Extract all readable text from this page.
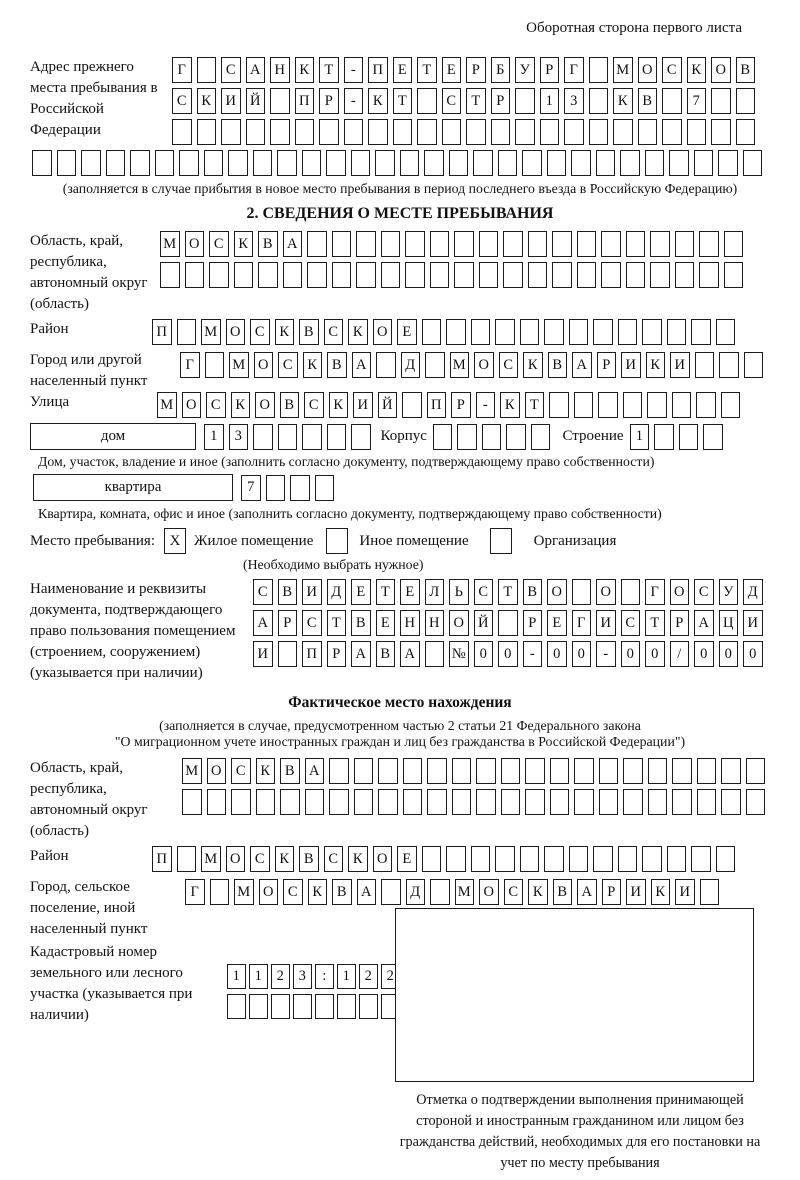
Оборотная сторона первого листа
Адрес прежнего места пребывания в Российской Федерации
Г	С А Н К	Т	-	П	Е	Т	Е	Р	Б	У	Р	Г	М О С	К О В
С	К И Й	П	Р	-	К	Т	С	Т	Р	1	3	К	В	7
(заполняется в случае прибытия в новое место пребывания в период последнего въезда в Российскую Федерацию)
2. СВЕДЕНИЯ О МЕСТЕ ПРЕБЫВАНИЯ
Область, край, республика, автономный округ (область)
М О С	К	В А
Район	П	М О С	К	В	С	К О	Е
Город или другой населенный пункт
Г	М О С	К	В А	Д	М О С	К	В А	Р	И К И
Улица	М О С	К О В	С	К И Й	П	Р	-	К	Т
дом	1	3	Корпус	Строение 1
Дом, участок, владение и иное (заполнить согласно документу, подтверждающему право собственности)
квартира	7
Квартира, комната, офис и иное (заполнить согласно документу, подтверждающему право собственности)
Место пребывания: X Жилое помещение	Иное помещение	Организация
(Необходимо выбрать нужное)
Наименование и реквизиты документа, подтверждающего право пользования помещением (строением, сооружением) (указывается при наличии)
С	В И Д	Е	Т	Е	Л	Ь	С	Т	В О	О	Г	О С	У Д
А	Р	С	Т	В	Е	Н Н О Й	Р	Е	Г	И С	Т	Р	А Ц И
И	П	Р	А В А	№ 0	0	-	0	0	-	0	0	/	0	0	0
Фактическое место нахождения
(заполняется в случае, предусмотренном частью 2 статьи 21 Федерального закона
"О миграционном учете иностранных граждан и лиц без гражданства в Российской Федерации")
Область, край, республика, автономный округ (область)
М О С	К	В А
Район	П	М О С	К	В	С	К О	Е
Город, сельское поселение, иной населенный пункт
Г	М О С	К	В А	Д	М О С	К	В А	Р	И К И
Кадастровый номер земельного или лесного участка (указывается при наличии)
1	1	2	3	:	1	2	2
Отметка о подтверждении выполнения принимающей стороной и иностранным гражданином или лицом без гражданства действий, необходимых для его постановки на учет по месту пребывания
